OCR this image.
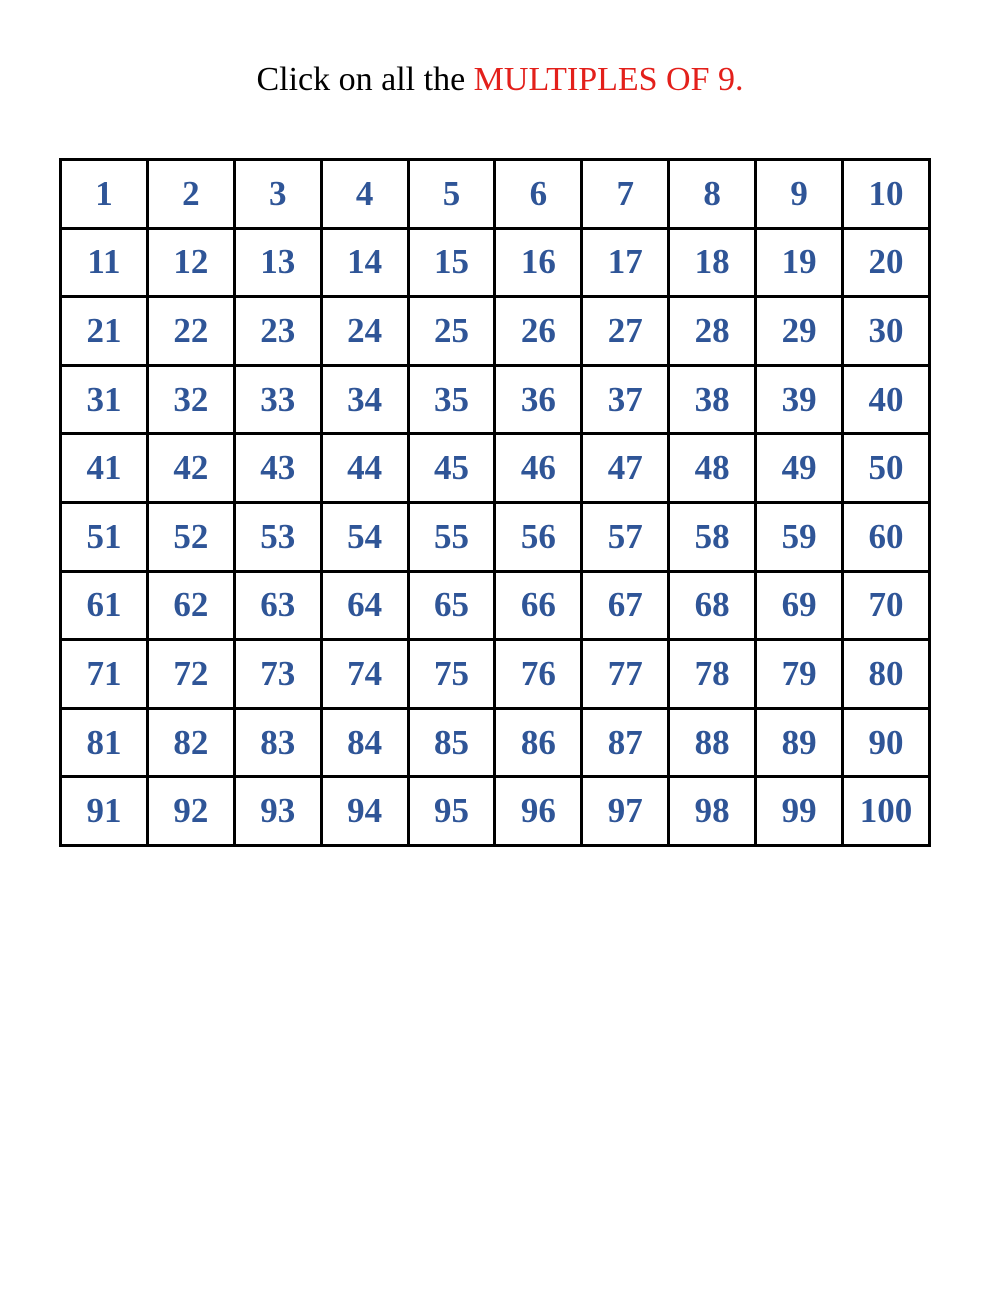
Click on all the MULTIPLES OF 9.
1	2	3	4	5	6	7	8	9	10
11	12	13	14	15	16	17	18	19	20
21	22	23	24	25	26	27	28	29	30
31	32	33	34	35	36	37	38	39	40
41	42	43	44	45	46	47	48	49	50
51	52	53	54	55	56	57	58	59	60
61	62	63	64	65	66	67	68	69	70
71	72	73	74	75	76	77	78	79	80
81	82	83	84	85	86	87	88	89	90
91	92	93	94	95	96	97	98	99	100
